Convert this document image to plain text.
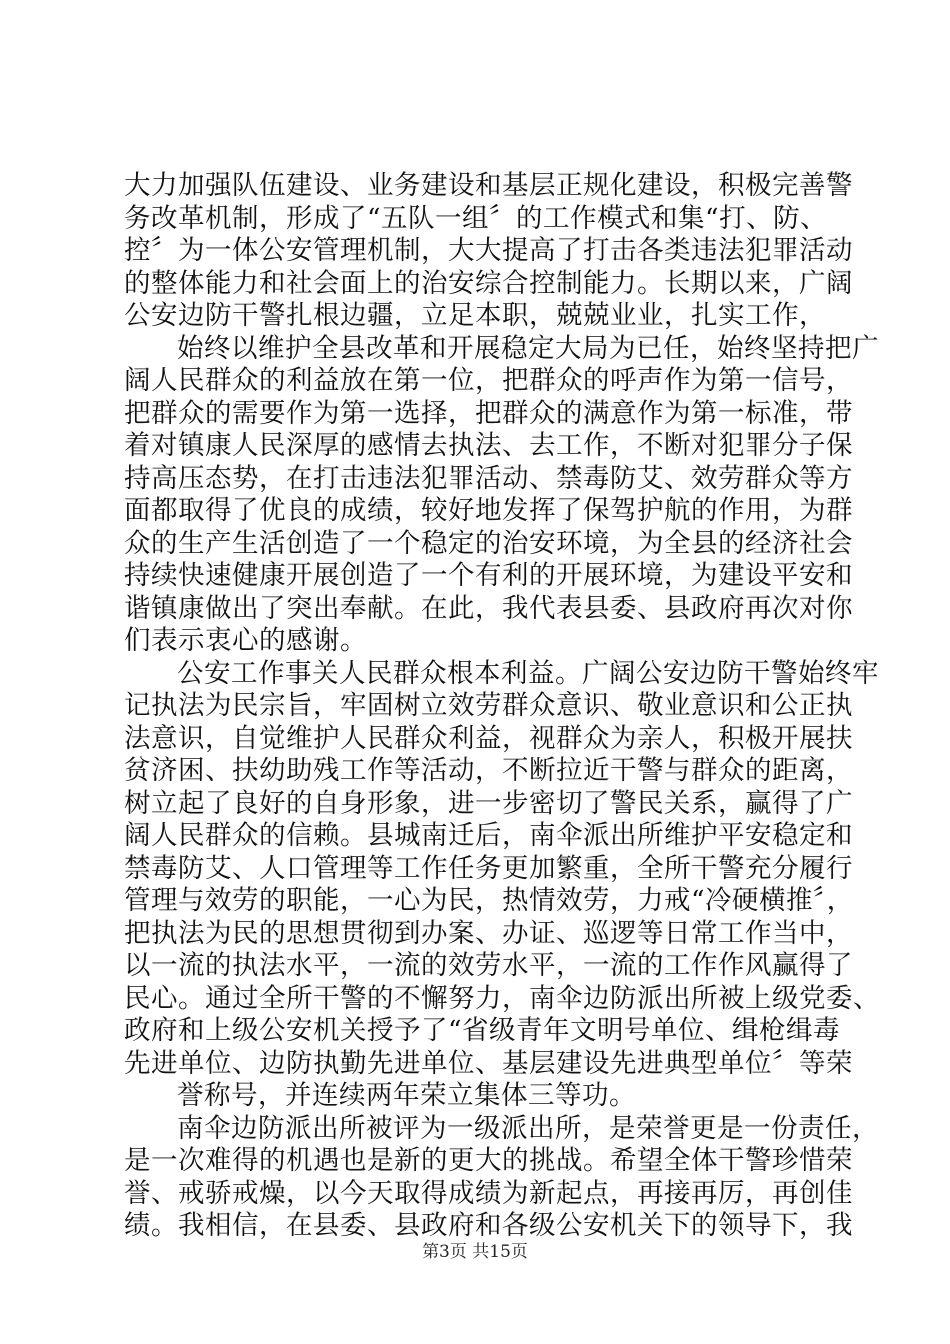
大力加强队伍建设、业务建设和基层正规化建设，积极完善警
务改革机制，形成了“五队一组〞的工作模式和集“打、防、
控〞为一体公安管理机制，大大提高了打击各类违法犯罪活动
的整体能力和社会面上的治安综合控制能力。长期以来，广阔
公安边防干警扎根边疆，立足本职，兢兢业业，扎实工作，
始终以维护全县改革和开展稳定大局为已任，始终坚持把广
阔人民群众的利益放在第一位，把群众的呼声作为第一信号，
把群众的需要作为第一选择，把群众的满意作为第一标准，带
着对镇康人民深厚的感情去执法、去工作，不断对犯罪分子保
持高压态势，在打击违法犯罪活动、禁毒防艾、效劳群众等方
面都取得了优良的成绩，较好地发挥了保驾护航的作用，为群
众的生产生活创造了一个稳定的治安环境，为全县的经济社会
持续快速健康开展创造了一个有利的开展环境，为建设平安和
谐镇康做出了突出奉献。在此，我代表县委、县政府再次对你
们表示衷心的感谢。
公安工作事关人民群众根本利益。广阔公安边防干警始终牢
记执法为民宗旨，牢固树立效劳群众意识、敬业意识和公正执
法意识，自觉维护人民群众利益，视群众为亲人，积极开展扶
贫济困、扶幼助残工作等活动，不断拉近干警与群众的距离，
树立起了良好的自身形象，进一步密切了警民关系，赢得了广
阔人民群众的信赖。县城南迁后，南伞派出所维护平安稳定和
禁毒防艾、人口管理等工作任务更加繁重，全所干警充分履行
管理与效劳的职能，一心为民，热情效劳，力戒“冷硬横推〞，
把执法为民的思想贯彻到办案、办证、巡逻等日常工作当中，
以一流的执法水平，一流的效劳水平，一流的工作作风赢得了
民心。通过全所干警的不懈努力，南伞边防派出所被上级党委、
政府和上级公安机关授予了“省级青年文明号单位、缉枪缉毒
先进单位、边防执勤先进单位、基层建设先进典型单位〞等荣
誉称号，并连续两年荣立集体三等功。
南伞边防派出所被评为一级派出所，是荣誉更是一份责任，
是一次难得的机遇也是新的更大的挑战。希望全体干警珍惜荣
誉、戒骄戒燥，以今天取得成绩为新起点，再接再厉，再创佳
绩。我相信，在县委、县政府和各级公安机关下的领导下，我
第3页 共15页
